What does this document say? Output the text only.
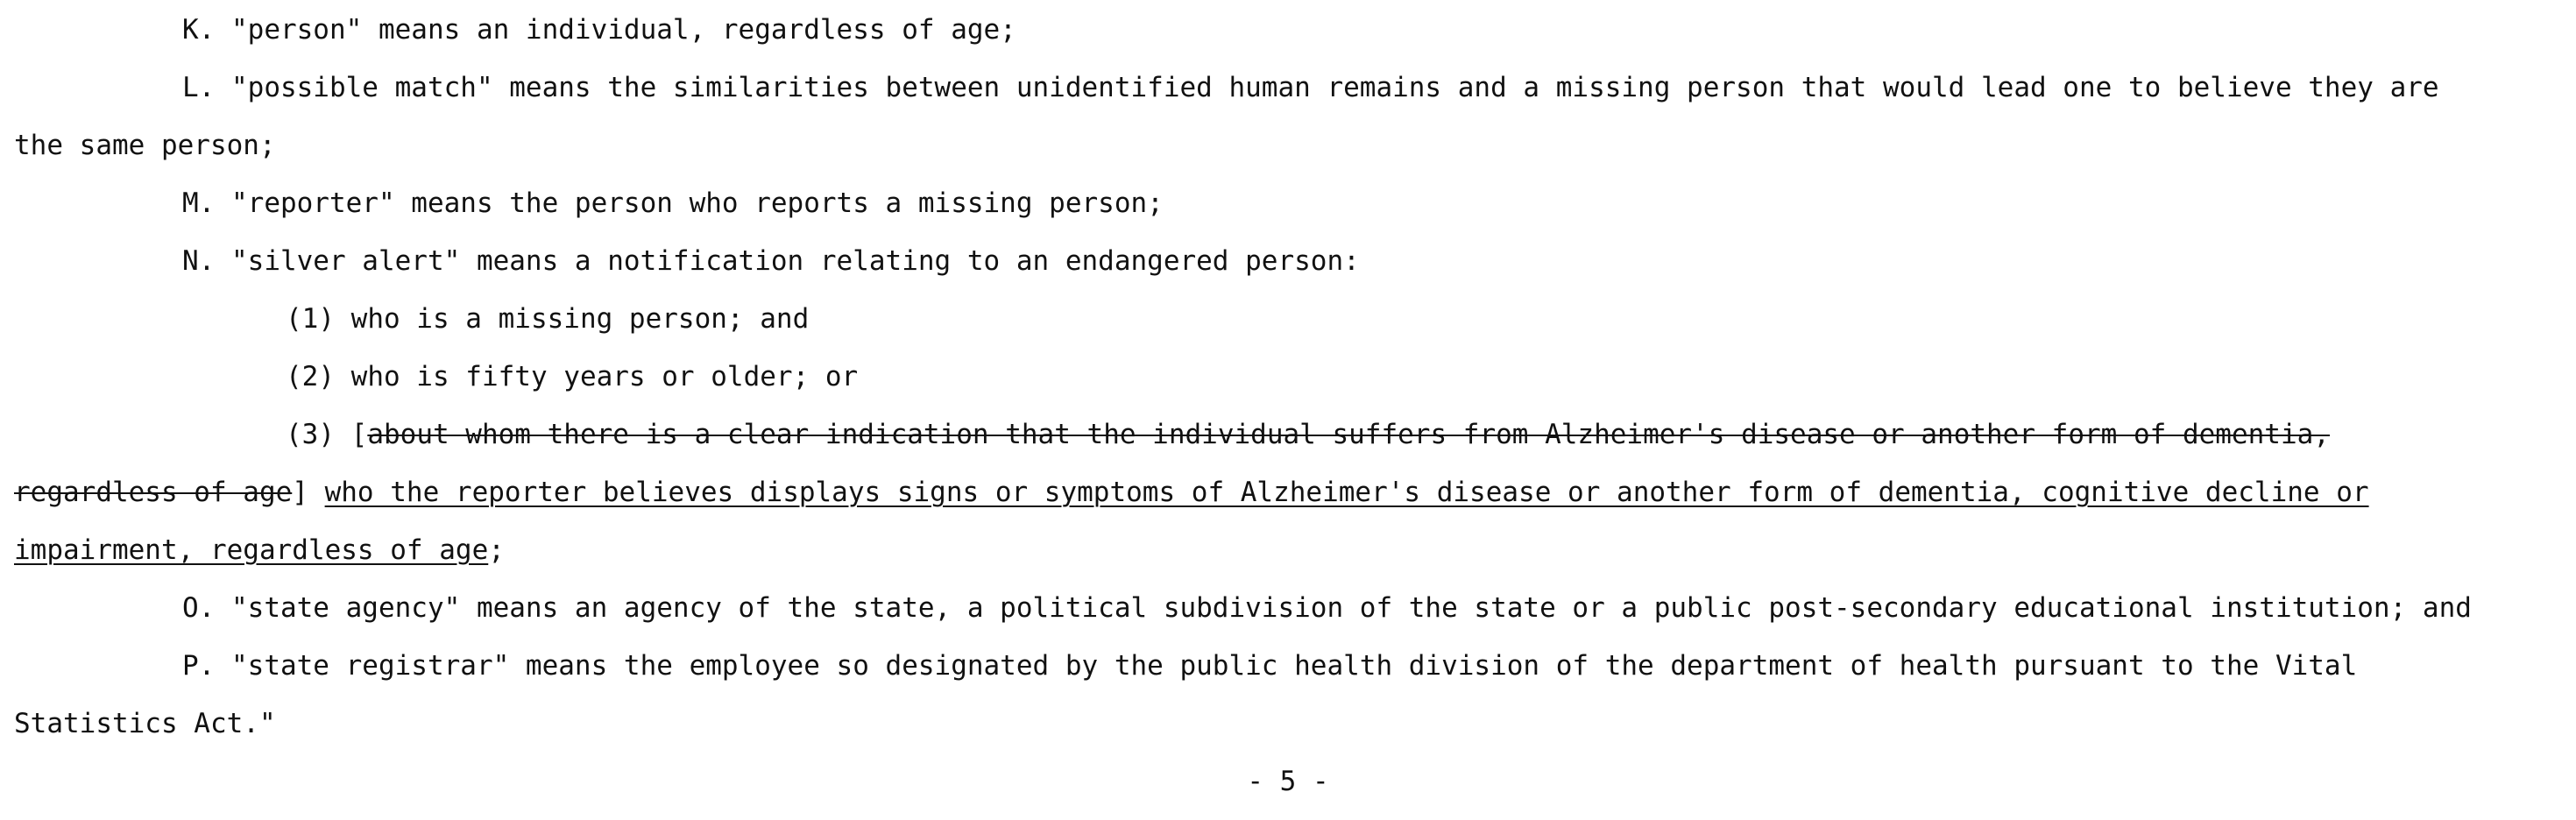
K. "person" means an individual, regardless of age;
L. "possible match" means the similarities between unidentified human remains and a missing person that would lead one to believe they are
the same person;
M. "reporter" means the person who reports a missing person;
N. "silver alert" means a notification relating to an endangered person:
(1) who is a missing person; and
(2) who is fifty years or older; or
(3) [about whom there is a clear indication that the individual suffers from Alzheimer's disease or another form of dementia,
regardless of age] who the reporter believes displays signs or symptoms of Alzheimer's disease or another form of dementia, cognitive decline or
impairment, regardless of age;
O. "state agency" means an agency of the state, a political subdivision of the state or a public post-secondary educational institution; and
P. "state registrar" means the employee so designated by the public health division of the department of health pursuant to the Vital
Statistics Act."
- 5 -
